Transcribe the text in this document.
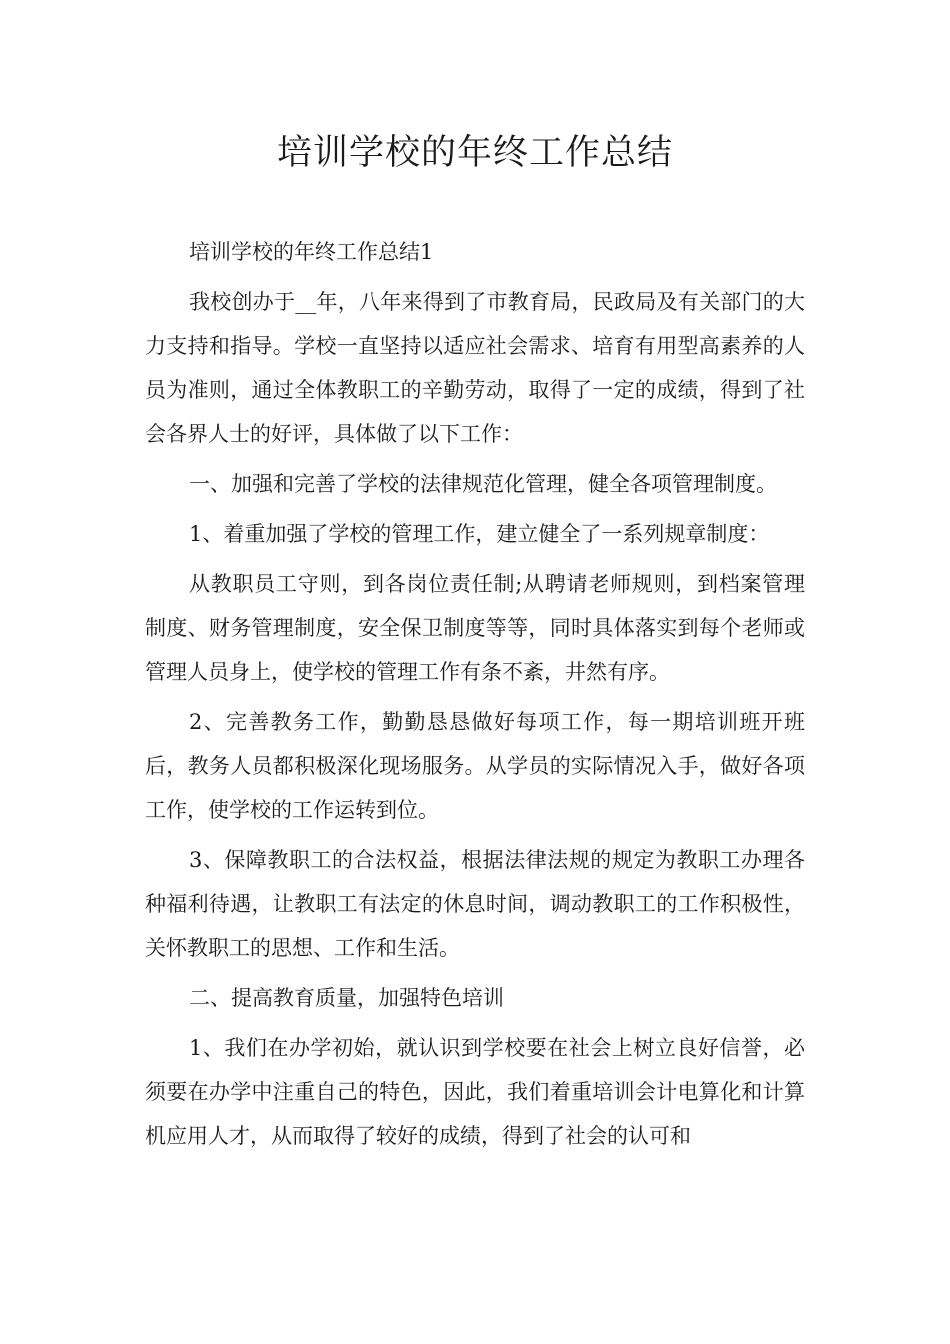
培训学校的年终工作总结

培训学校的年终工作总结1

我校创办于__年，八年来得到了市教育局，民政局及有关部门的大力支持和指导。学校一直坚持以适应社会需求、培育有用型高素养的人员为准则，通过全体教职工的辛勤劳动，取得了一定的成绩，得到了社会各界人士的好评，具体做了以下工作：

一、加强和完善了学校的法律规范化管理，健全各项管理制度。

1、着重加强了学校的管理工作，建立健全了一系列规章制度：

从教职员工守则，到各岗位责任制;从聘请老师规则，到档案管理制度、财务管理制度，安全保卫制度等等，同时具体落实到每个老师或管理人员身上，使学校的管理工作有条不紊，井然有序。

2、完善教务工作，勤勤恳恳做好每项工作，每一期培训班开班后，教务人员都积极深化现场服务。从学员的实际情况入手，做好各项工作，使学校的工作运转到位。

3、保障教职工的合法权益，根据法律法规的规定为教职工办理各种福利待遇，让教职工有法定的休息时间，调动教职工的工作积极性，关怀教职工的思想、工作和生活。

二、提高教育质量，加强特色培训

1、我们在办学初始，就认识到学校要在社会上树立良好信誉，必须要在办学中注重自己的特色，因此，我们着重培训会计电算化和计算机应用人才，从而取得了较好的成绩，得到了社会的认可和
